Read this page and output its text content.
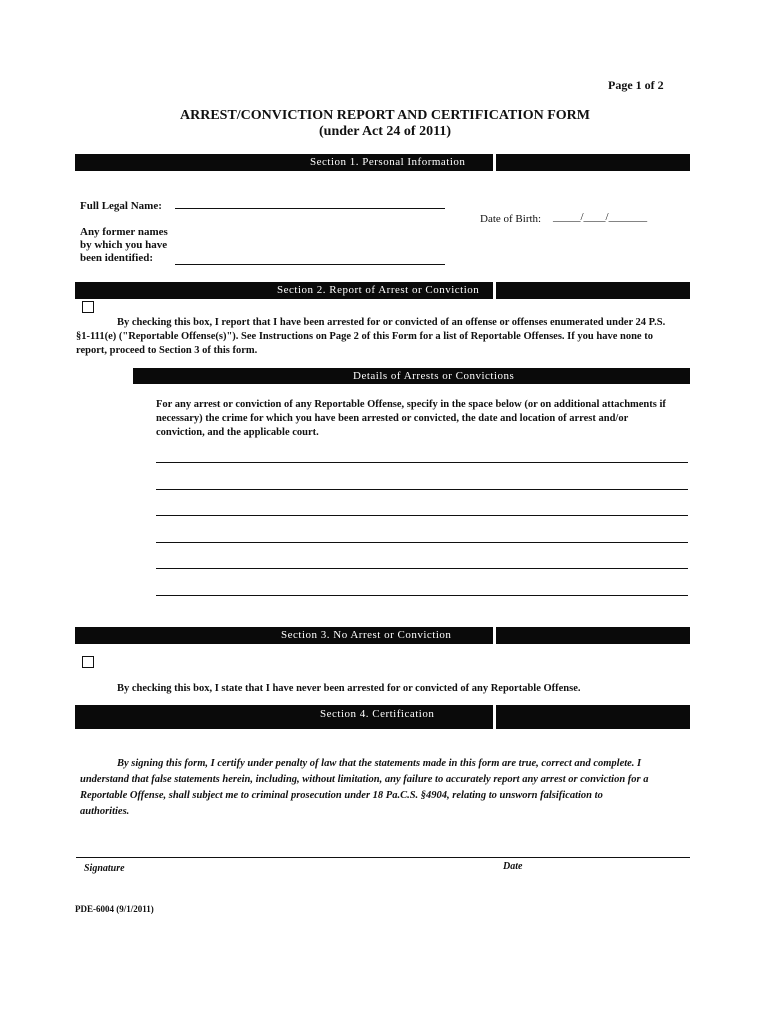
Page 1 of 2
ARREST/CONVICTION REPORT AND CERTIFICATION FORM
(under Act 24 of 2011)
Section 1. Personal Information
Full Legal Name:
Date of Birth: _____/____/_______
Any former names
by which you have
been identified:
Section 2. Report of Arrest or Conviction
By checking this box, I report that I have been arrested for or convicted of an offense or offenses enumerated under 24 P.S.
§1-111(e) ("Reportable Offense(s)"). See Instructions on Page 2 of this Form for a list of Reportable Offenses. If you have none to
report, proceed to Section 3 of this form.
Details of Arrests or Convictions
For any arrest or conviction of any Reportable Offense, specify in the space below (or on additional attachments if
necessary) the crime for which you have been arrested or convicted, the date and location of arrest and/or
conviction, and the applicable court.
Section 3. No Arrest or Conviction
By checking this box, I state that I have never been arrested for or convicted of any Reportable Offense.
Section 4. Certification
By signing this form, I certify under penalty of law that the statements made in this form are true, correct and complete. I
understand that false statements herein, including, without limitation, any failure to accurately report any arrest or conviction for a
Reportable Offense, shall subject me to criminal prosecution under 18 Pa.C.S. §4904, relating to unsworn falsification to
authorities.
Signature	Date
PDE-6004 (9/1/2011)
